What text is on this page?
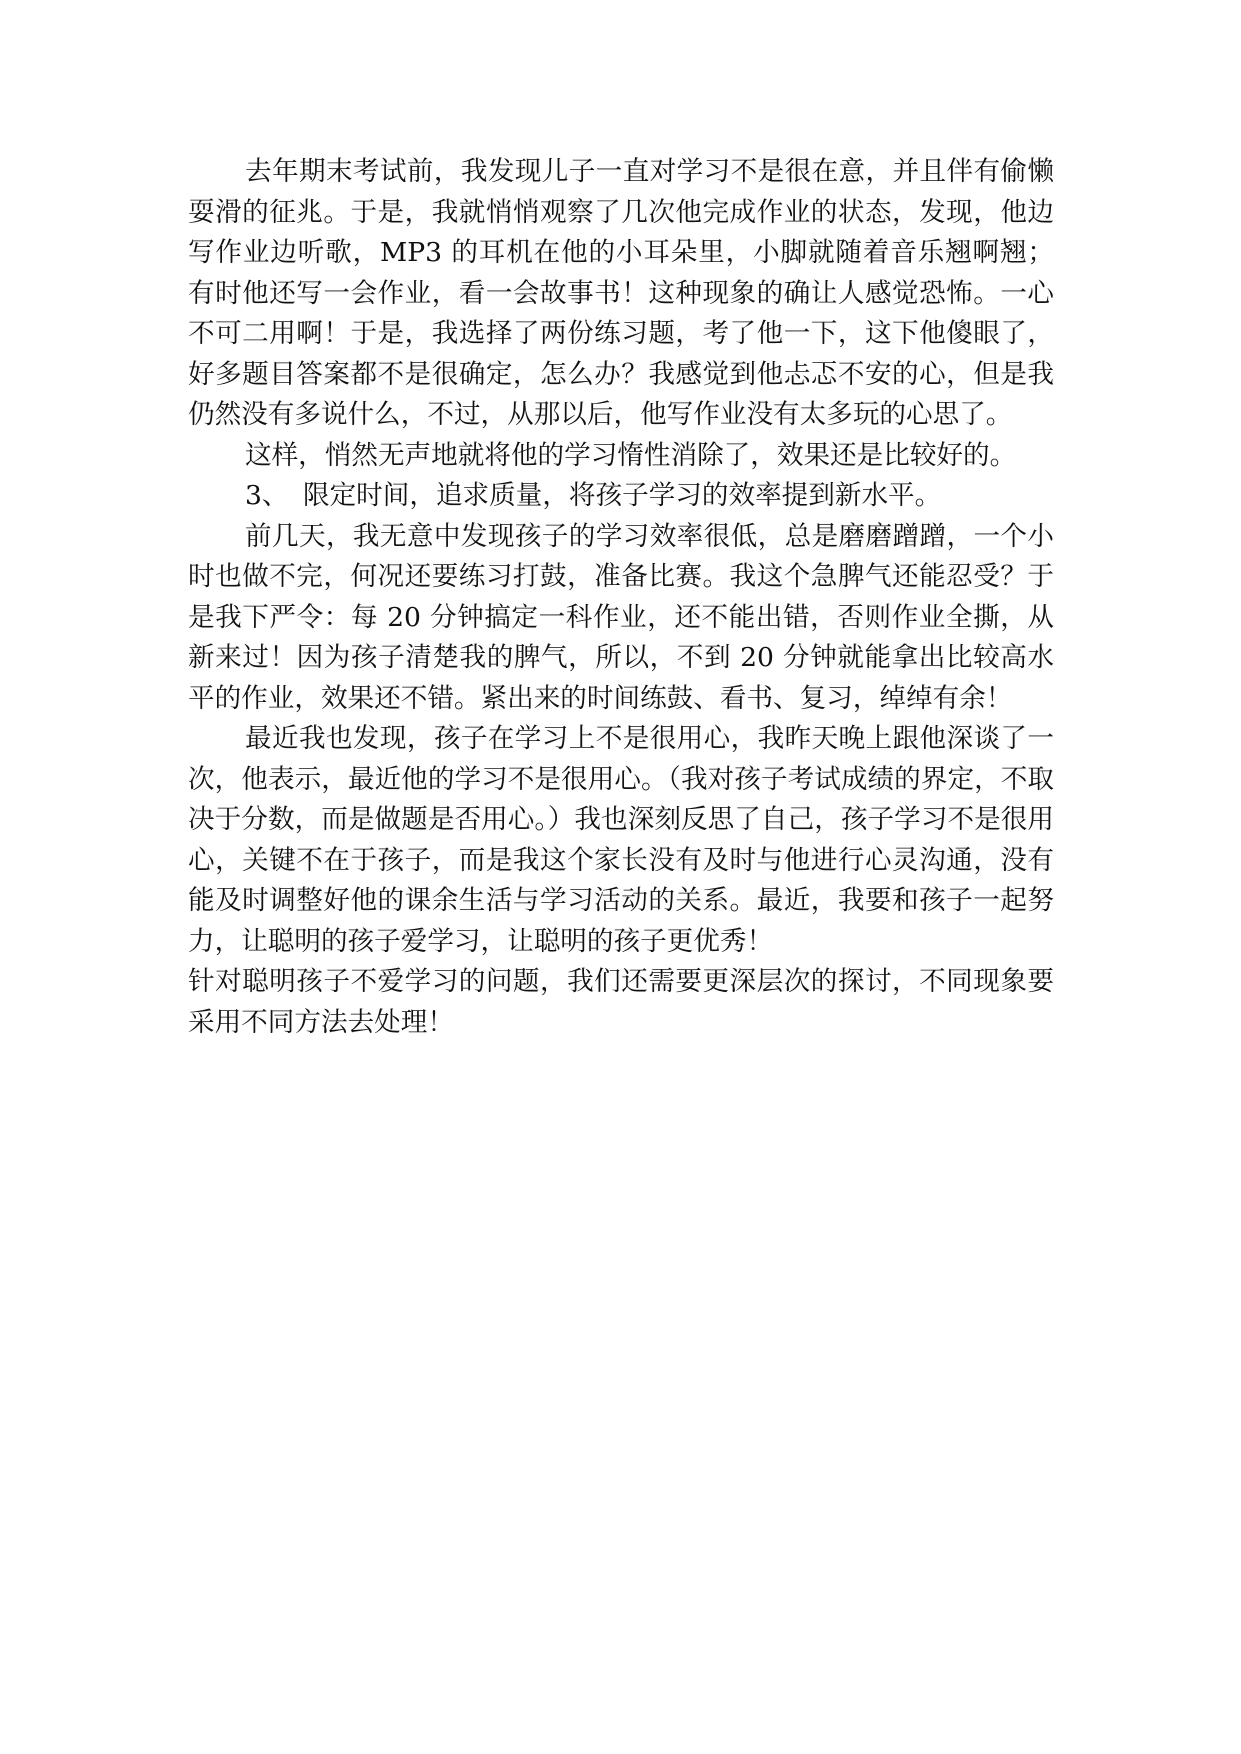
去年期末考试前，我发现儿子一直对学习不是很在意，并且伴有偷懒耍滑的征兆。于是，我就悄悄观察了几次他完成作业的状态，发现，他边写作业边听歌，MP3 的耳机在他的小耳朵里，小脚就随着音乐翘啊翘；有时他还写一会作业，看一会故事书！这种现象的确让人感觉恐怖。一心不可二用啊！于是，我选择了两份练习题，考了他一下，这下他傻眼了，好多题目答案都不是很确定，怎么办？我感觉到他忐忑不安的心，但是我仍然没有多说什么，不过，从那以后，他写作业没有太多玩的心思了。

这样，悄然无声地就将他的学习惰性消除了，效果还是比较好的。

3、 限定时间，追求质量，将孩子学习的效率提到新水平。

前几天，我无意中发现孩子的学习效率很低，总是磨磨蹭蹭，一个小时也做不完，何况还要练习打鼓，准备比赛。我这个急脾气还能忍受？于是我下严令：每 20 分钟搞定一科作业，还不能出错，否则作业全撕，从新来过！因为孩子清楚我的脾气，所以，不到 20 分钟就能拿出比较高水平的作业，效果还不错。紧出来的时间练鼓、看书、复习，绰绰有余！

最近我也发现，孩子在学习上不是很用心，我昨天晚上跟他深谈了一次，他表示，最近他的学习不是很用心。（我对孩子考试成绩的界定，不取决于分数，而是做题是否用心。）我也深刻反思了自己，孩子学习不是很用心，关键不在于孩子，而是我这个家长没有及时与他进行心灵沟通，没有能及时调整好他的课余生活与学习活动的关系。最近，我要和孩子一起努力，让聪明的孩子爱学习，让聪明的孩子更优秀！

针对聪明孩子不爱学习的问题，我们还需要更深层次的探讨，不同现象要采用不同方法去处理！
